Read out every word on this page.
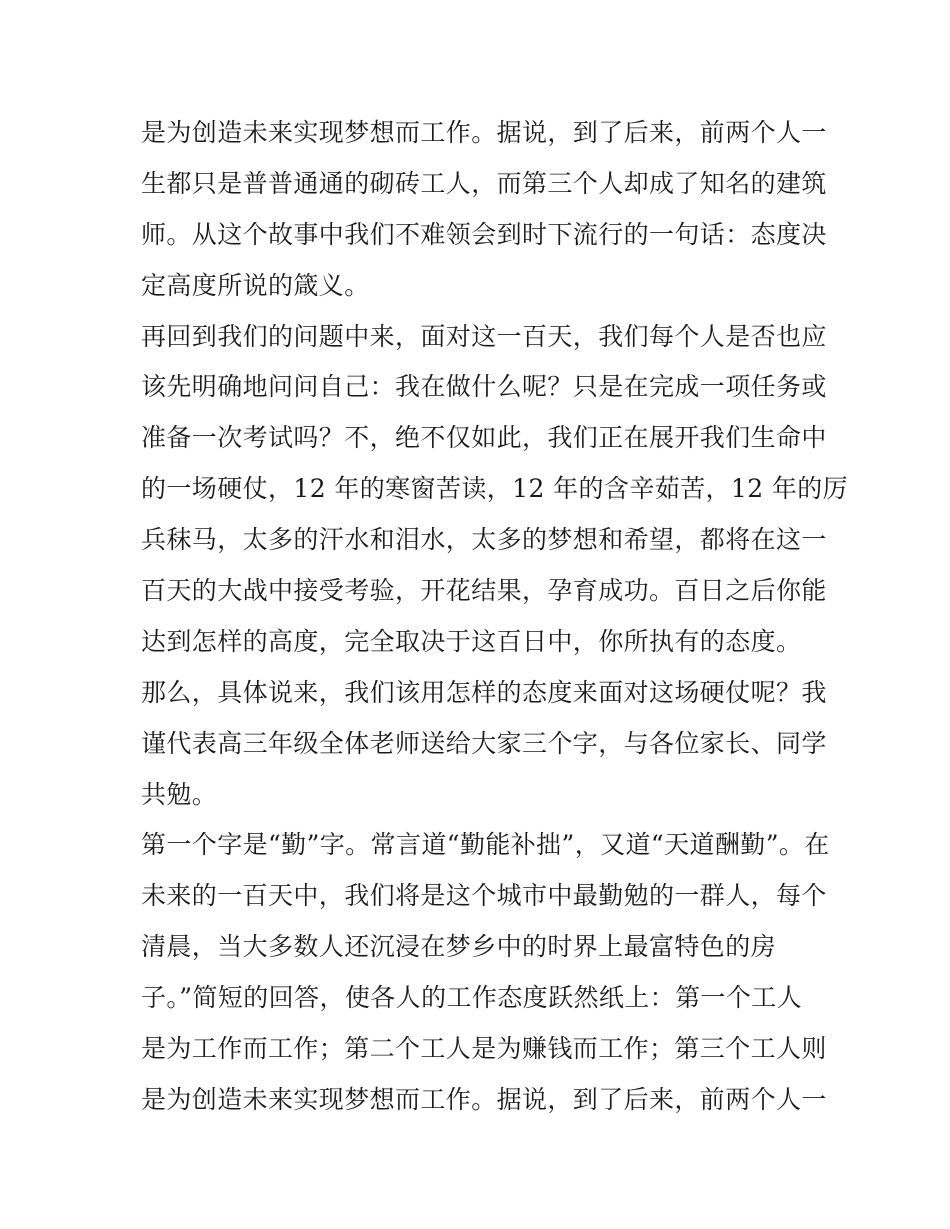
是为创造未来实现梦想而工作。据说，到了后来，前两个人一
生都只是普普通通的砌砖工人，而第三个人却成了知名的建筑
师。从这个故事中我们不难领会到时下流行的一句话：态度决
定高度所说的箴义。
再回到我们的问题中来，面对这一百天，我们每个人是否也应
该先明确地问问自己：我在做什么呢？只是在完成一项任务或
准备一次考试吗？不，绝不仅如此，我们正在展开我们生命中
的一场硬仗，12 年的寒窗苦读，12 年的含辛茹苦，12 年的厉
兵秣马，太多的汗水和泪水，太多的梦想和希望，都将在这一
百天的大战中接受考验，开花结果，孕育成功。百日之后你能
达到怎样的高度，完全取决于这百日中，你所执有的态度。
那么，具体说来，我们该用怎样的态度来面对这场硬仗呢？我
谨代表高三年级全体老师送给大家三个字，与各位家长、同学
共勉。
第一个字是“勤”字。常言道“勤能补拙”，又道“天道酬勤”。在
未来的一百天中，我们将是这个城市中最勤勉的一群人，每个
清晨，当大多数人还沉浸在梦乡中的时界上最富特色的房
子。”简短的回答，使各人的工作态度跃然纸上：第一个工人
是为工作而工作；第二个工人是为赚钱而工作；第三个工人则
是为创造未来实现梦想而工作。据说，到了后来，前两个人一
